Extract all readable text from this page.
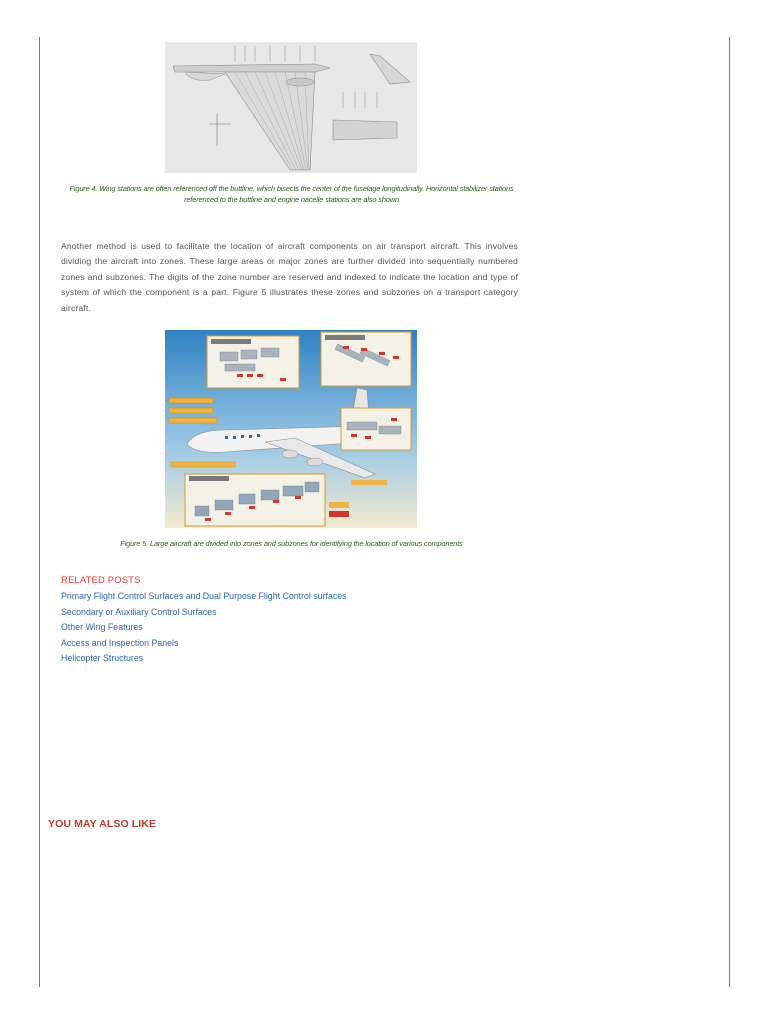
Figure 4. Wing stations are often referenced off the buttline, which bisects the center of the fuselage longitudinally. Horizontal stabilizer stations referenced to the buttline and engine nacelle stations are also shown

Another method is used to facilitate the location of aircraft components on air transport aircraft. This involves dividing the aircraft into zones. These large areas or major zones are further divided into sequentially numbered zones and subzones. The digits of the zone number are reserved and indexed to indicate the location and type of system of which the component is a part. Figure 5 illustrates these zones and subzones on a transport category aircraft.

Figure 5. Large aircraft are divided into zones and subzones for identifying the location of various components
RELATED POSTS
Primary Flight Control Surfaces and Dual Purpose Flight Control surfaces
Secondary or Auxiliary Control Surfaces
Other Wing Features
Access and Inspection Panels
Helicopter Structures
YOU MAY ALSO LIKE
